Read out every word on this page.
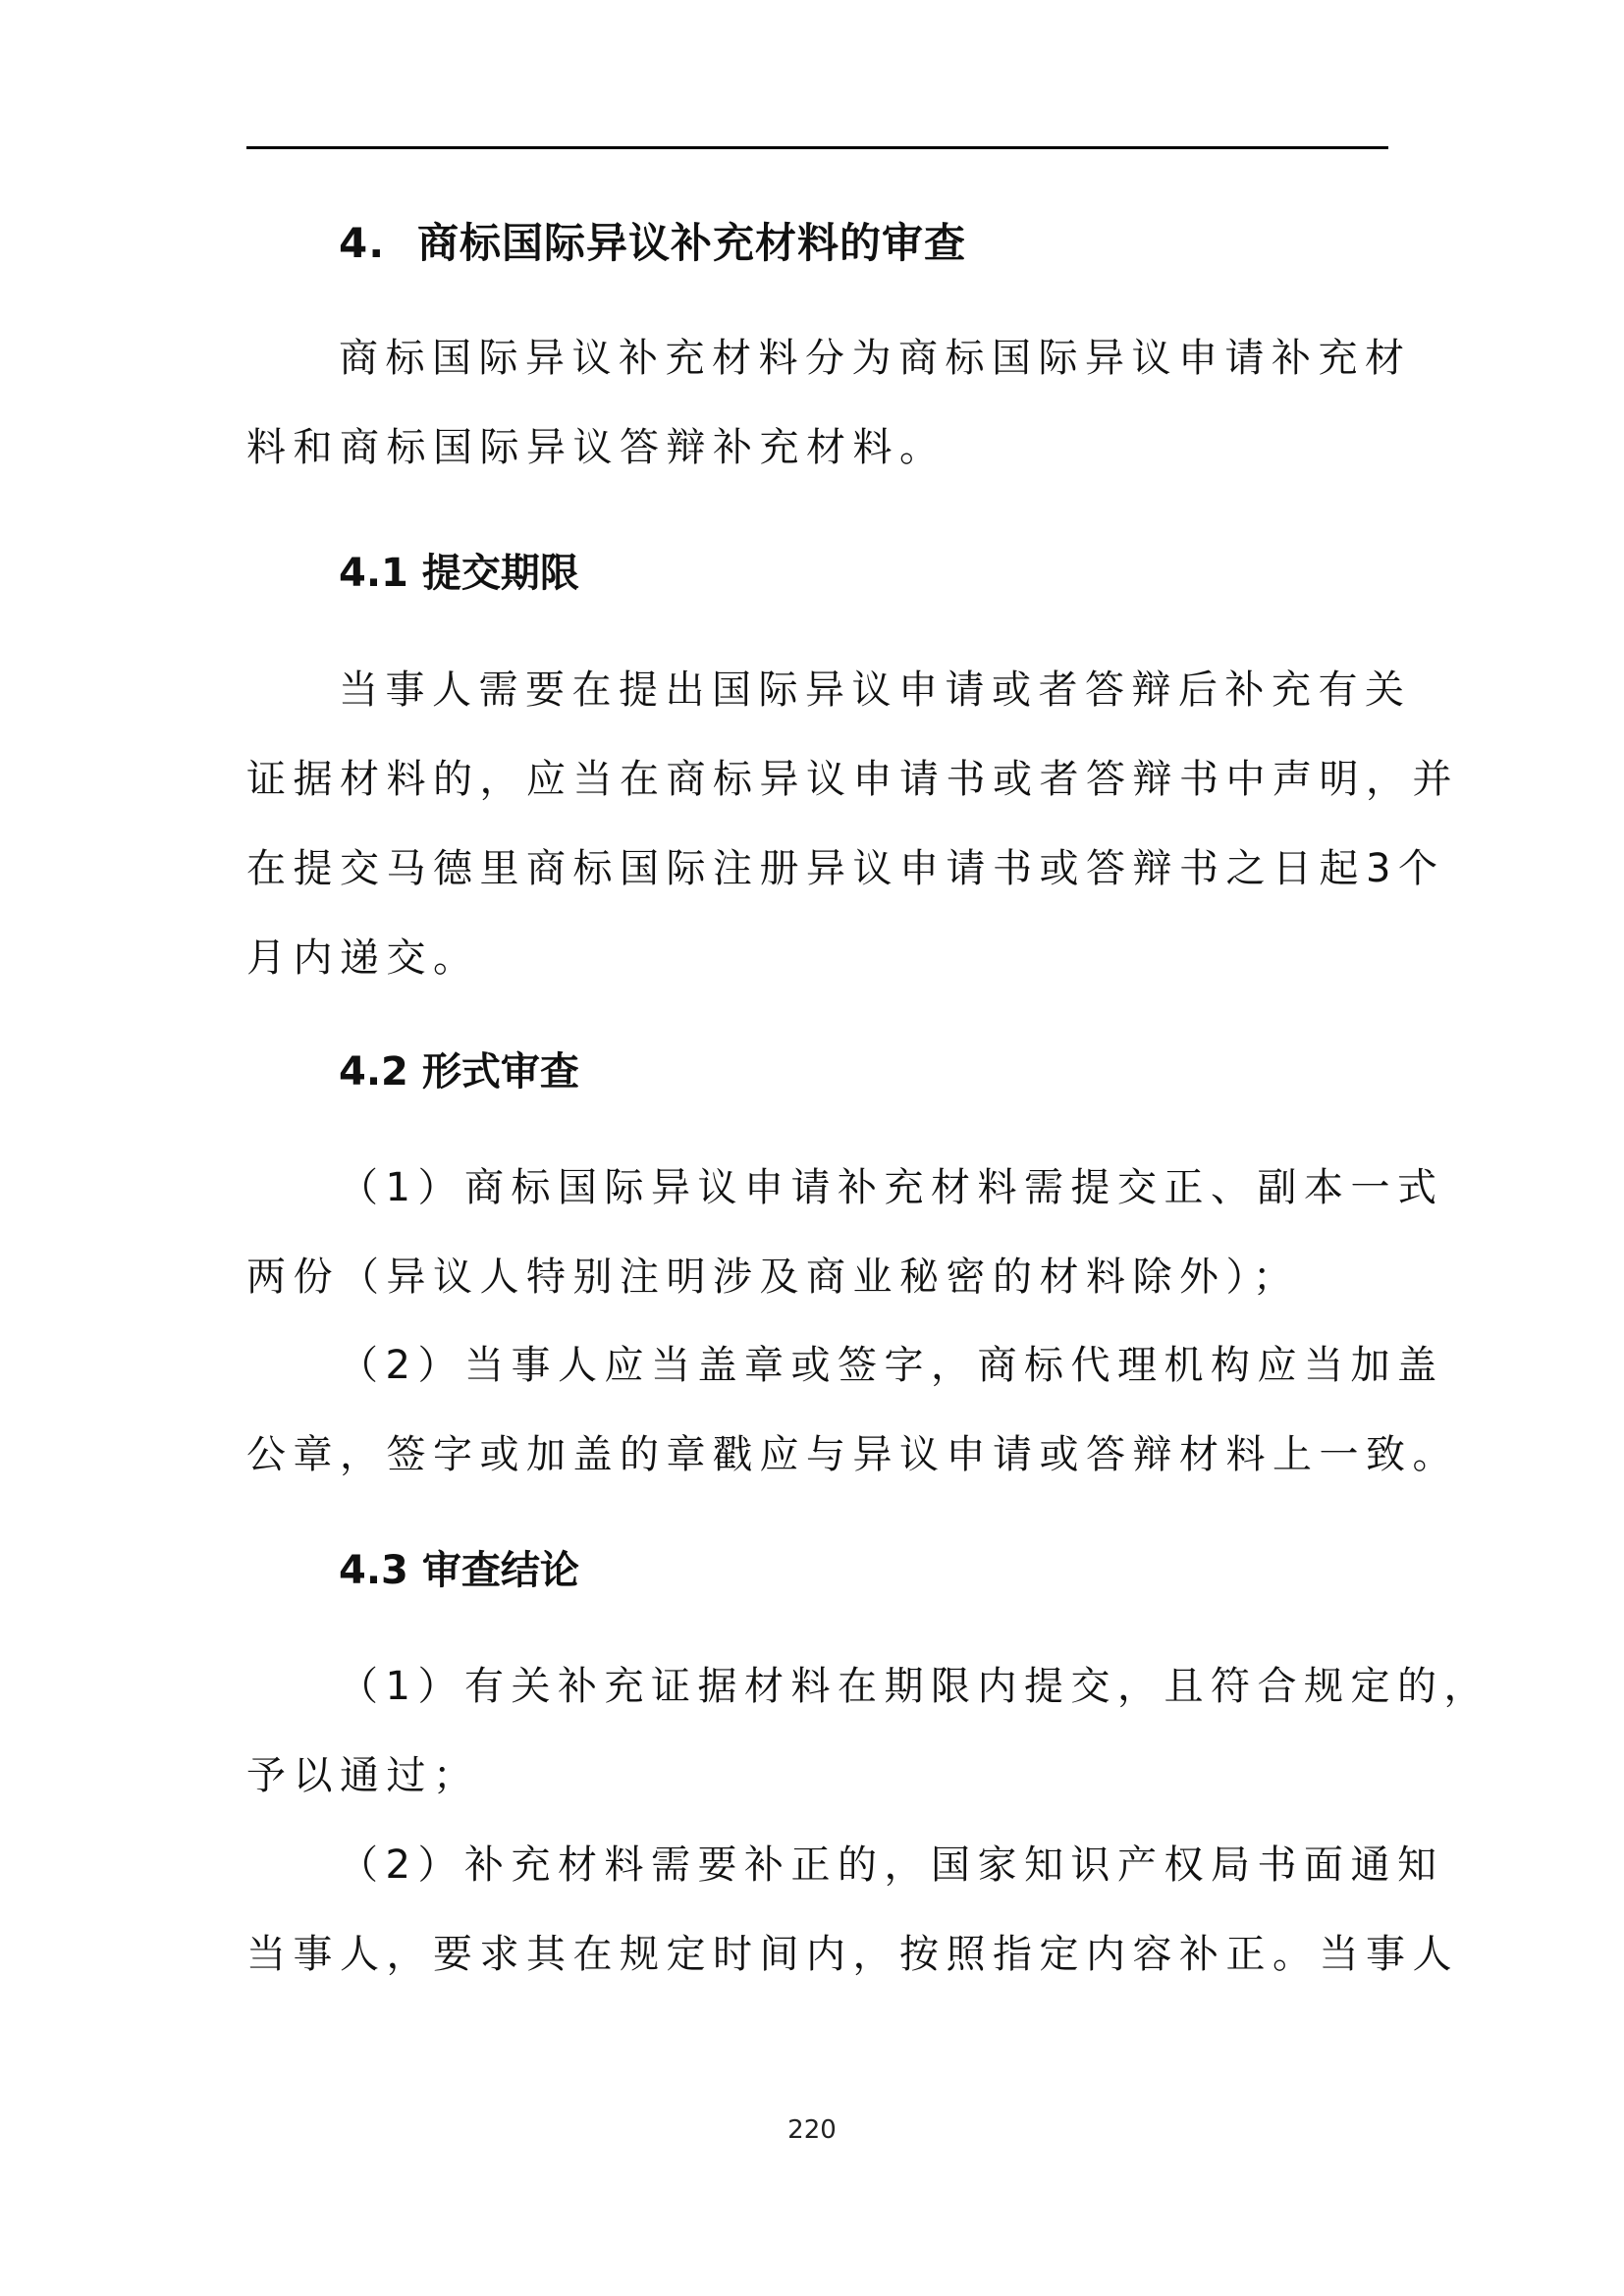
4. 商标国际异议补充材料的审查
商标国际异议补充材料分为商标国际异议申请补充材
料和商标国际异议答辩补充材料。
4.1 提交期限
当事人需要在提出国际异议申请或者答辩后补充有关
证据材料的，应当在商标异议申请书或者答辩书中声明，并
在提交马德里商标国际注册异议申请书或答辩书之日起3个
月内递交。
4.2 形式审查
（1）商标国际异议申请补充材料需提交正、副本一式
两份（异议人特别注明涉及商业秘密的材料除外）；
（2）当事人应当盖章或签字，商标代理机构应当加盖
公章，签字或加盖的章戳应与异议申请或答辩材料上一致。
4.3 审查结论
（1）有关补充证据材料在期限内提交，且符合规定的，
予以通过；
（2）补充材料需要补正的，国家知识产权局书面通知
当事人，要求其在规定时间内，按照指定内容补正。当事人
220
